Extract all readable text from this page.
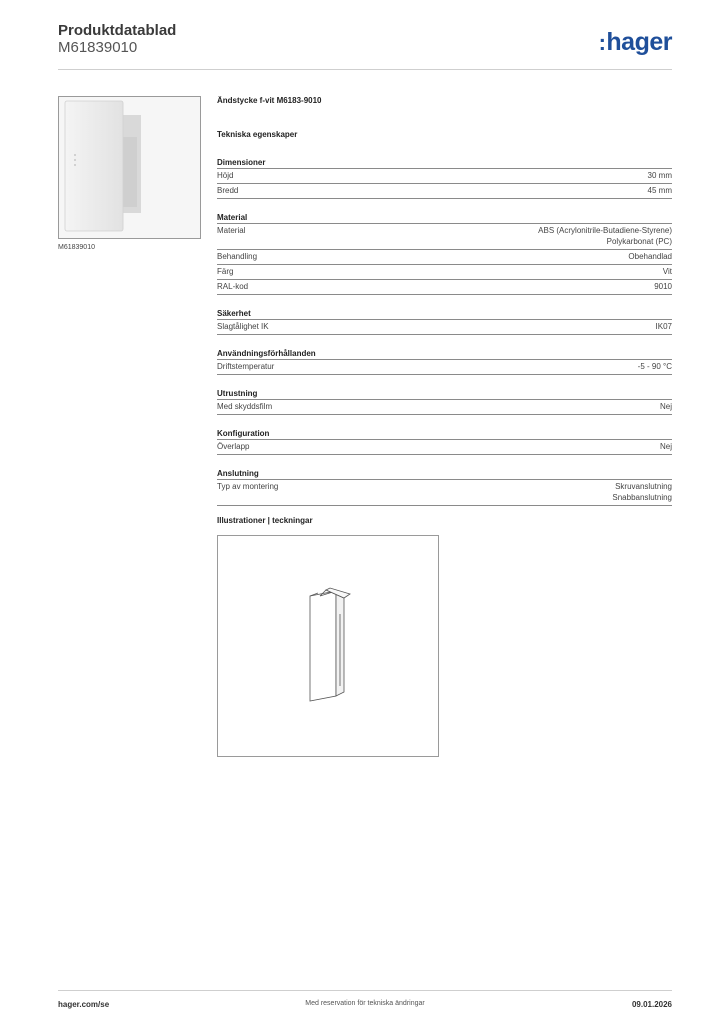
Produktdatablad
M61839010	:hager
M61839010
Ändstycke f-vit M6183-9010
Tekniska egenskaper
Dimensioner
Höjd	30 mm
Bredd	45 mm
Material
Material	ABS (Acrylonitrile-Butadiene-Styrene)
Polykarbonat (PC)
Behandling	Obehandlad
Färg	Vit
RAL-kod	9010
Säkerhet
Slagtålighet IK	IK07
Användningsförhållanden
Driftstemperatur	-5 - 90 °C
Utrustning
Med skyddsfilm	Nej
Konfiguration
Överlapp	Nej
Anslutning
Typ av montering	Skruvanslutning
Snabbanslutning
Illustrationer | teckningar
hager.com/se	Med reservation för tekniska ändringar	09.01.2026
